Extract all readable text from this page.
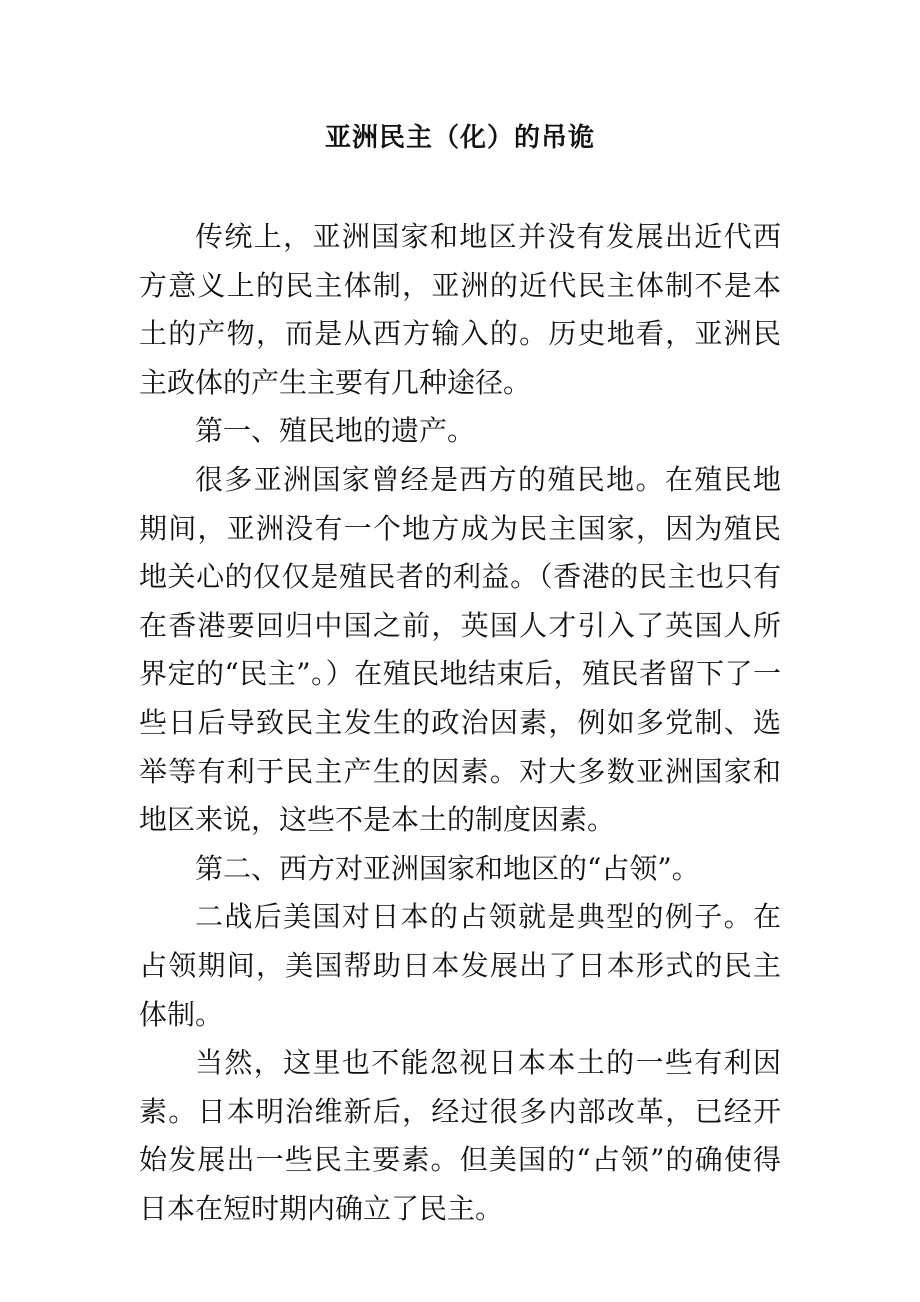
亚洲民主（化）的吊诡

传统上，亚洲国家和地区并没有发展出近代西方意义上的民主体制，亚洲的近代民主体制不是本土的产物，而是从西方输入的。历史地看，亚洲民主政体的产生主要有几种途径。

第一、殖民地的遗产。

很多亚洲国家曾经是西方的殖民地。在殖民地期间，亚洲没有一个地方成为民主国家，因为殖民地关心的仅仅是殖民者的利益。（香港的民主也只有在香港要回归中国之前，英国人才引入了英国人所界定的“民主”。）在殖民地结束后，殖民者留下了一些日后导致民主发生的政治因素，例如多党制、选举等有利于民主产生的因素。对大多数亚洲国家和地区来说，这些不是本土的制度因素。

第二、西方对亚洲国家和地区的“占领”。

二战后美国对日本的占领就是典型的例子。在占领期间，美国帮助日本发展出了日本形式的民主体制。

当然，这里也不能忽视日本本土的一些有利因素。日本明治维新后，经过很多内部改革，已经开始发展出一些民主要素。但美国的“占领”的确使得日本在短时期内确立了民主。
